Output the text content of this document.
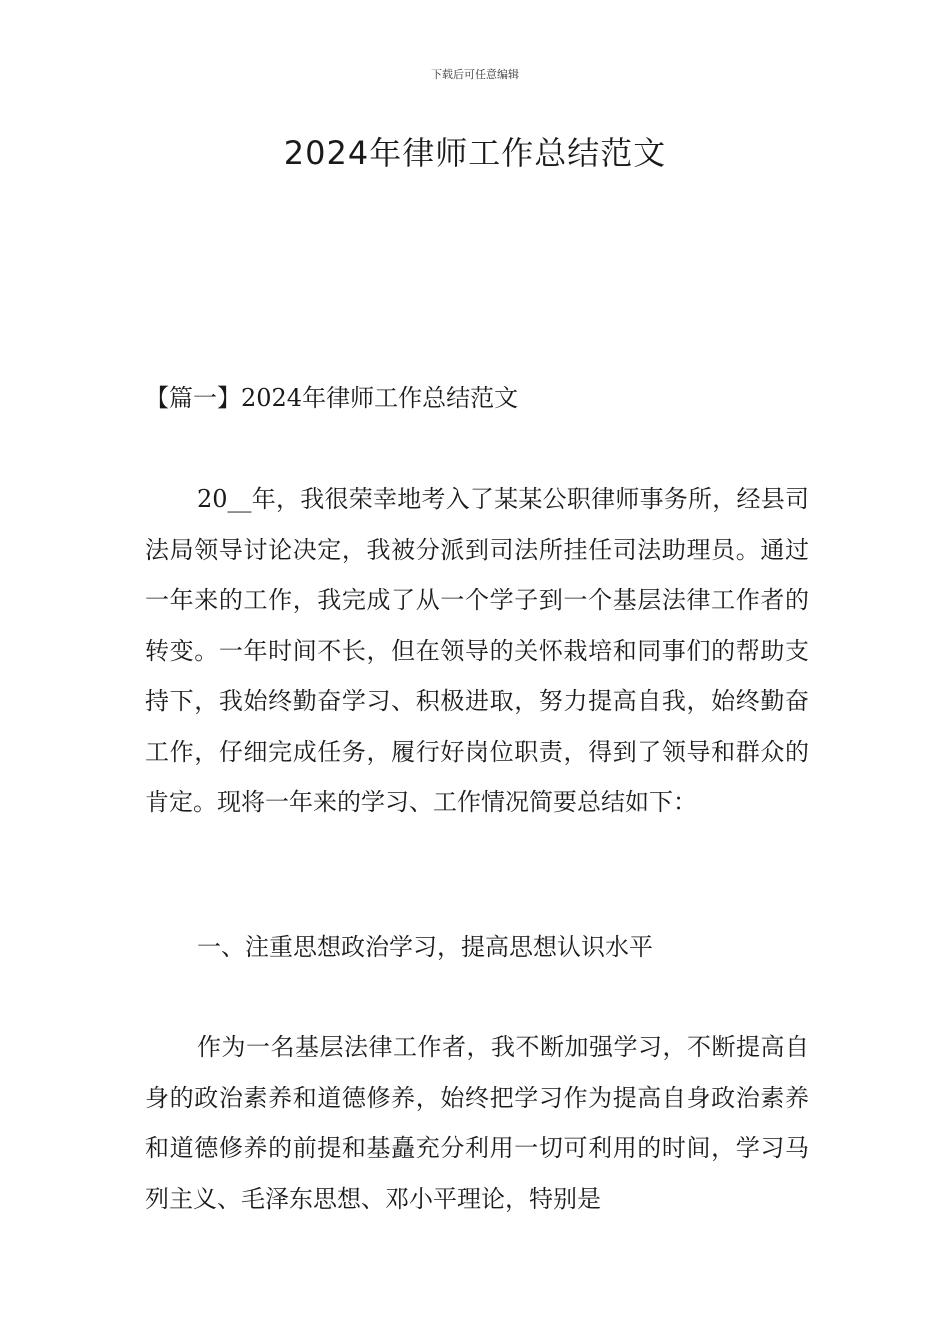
下载后可任意编辑
2024年律师工作总结范文
【篇一】2024年律师工作总结范文

20__年，我很荣幸地考入了某某公职律师事务所，经县司法局领导讨论决定，我被分派到司法所挂任司法助理员。通过一年来的工作，我完成了从一个学子到一个基层法律工作者的转变。一年时间不长，但在领导的关怀栽培和同事们的帮助支持下，我始终勤奋学习、积极进取，努力提高自我，始终勤奋工作，仔细完成任务，履行好岗位职责，得到了领导和群众的肯定。现将一年来的学习、工作情况简要总结如下：

一、注重思想政治学习，提高思想认识水平

作为一名基层法律工作者，我不断加强学习，不断提高自身的政治素养和道德修养，始终把学习作为提高自身政治素养和道德修养的前提和基矗充分利用一切可利用的时间，学习马列主义、毛泽东思想、邓小平理论，特别是
